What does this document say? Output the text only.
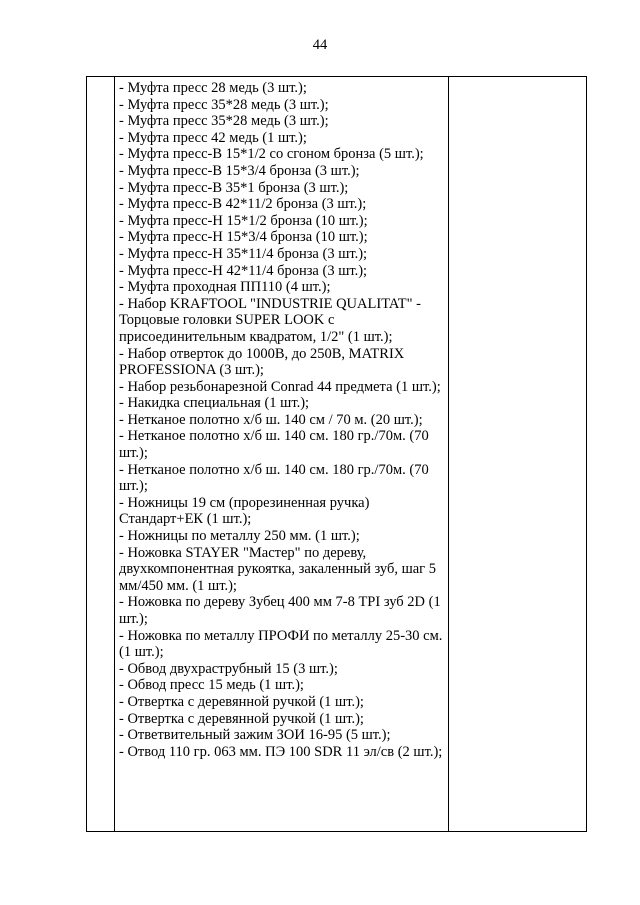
44

- Муфта пресс 28 медь (3 шт.);
- Муфта пресс 35*28 медь (3 шт.);
- Муфта пресс 35*28 медь (3 шт.);
- Муфта пресс 42 медь (1 шт.);
- Муфта пресс-В 15*1/2 со сгоном бронза (5 шт.);
- Муфта пресс-В 15*3/4 бронза (3 шт.);
- Муфта пресс-В 35*1 бронза (3 шт.);
- Муфта пресс-В 42*11/2 бронза (3 шт.);
- Муфта пресс-Н 15*1/2 бронза (10 шт.);
- Муфта пресс-Н 15*3/4 бронза (10 шт.);
- Муфта пресс-Н 35*11/4 бронза (3 шт.);
- Муфта пресс-Н 42*11/4 бронза (3 шт.);
- Муфта проходная ПП110 (4 шт.);
- Набор KRAFTOOL "INDUSTRIE QUALITAT" - Торцовые головки SUPER LOOK с присоединительным квадратом, 1/2" (1 шт.);
- Набор отверток до 1000В, до 250В, MATRIX PROFESSIONA (3 шт.);
- Набор резьбонарезной Conrad 44 предмета (1 шт.);
- Накидка специальная (1 шт.);
- Нетканое полотно х/б ш. 140 см / 70 м. (20 шт.);
- Нетканое полотно х/б ш. 140 см. 180 гр./70м. (70 шт.);
- Нетканое полотно х/б ш. 140 см. 180 гр./70м. (70 шт.);
- Ножницы 19 см (прорезиненная ручка) Стандарт+ЕК (1 шт.);
- Ножницы по металлу 250 мм. (1 шт.);
- Ножовка STAYER "Мастер" по дереву, двухкомпонентная рукоятка, закаленный зуб, шаг 5 мм/450 мм. (1 шт.);
- Ножовка по дереву Зубец 400 мм 7-8 TPI зуб 2D (1 шт.);
- Ножовка по металлу ПРОФИ по металлу 25-30 см. (1 шт.);
- Обвод двухраструбный 15 (3 шт.);
- Обвод пресс 15 медь (1 шт.);
- Отвертка с деревянной ручкой (1 шт.);
- Отвертка с деревянной ручкой (1 шт.);
- Ответвительный зажим ЗОИ 16-95 (5 шт.);
- Отвод 110 гр. 063 мм. ПЭ 100 SDR 11 эл/св (2 шт.);
